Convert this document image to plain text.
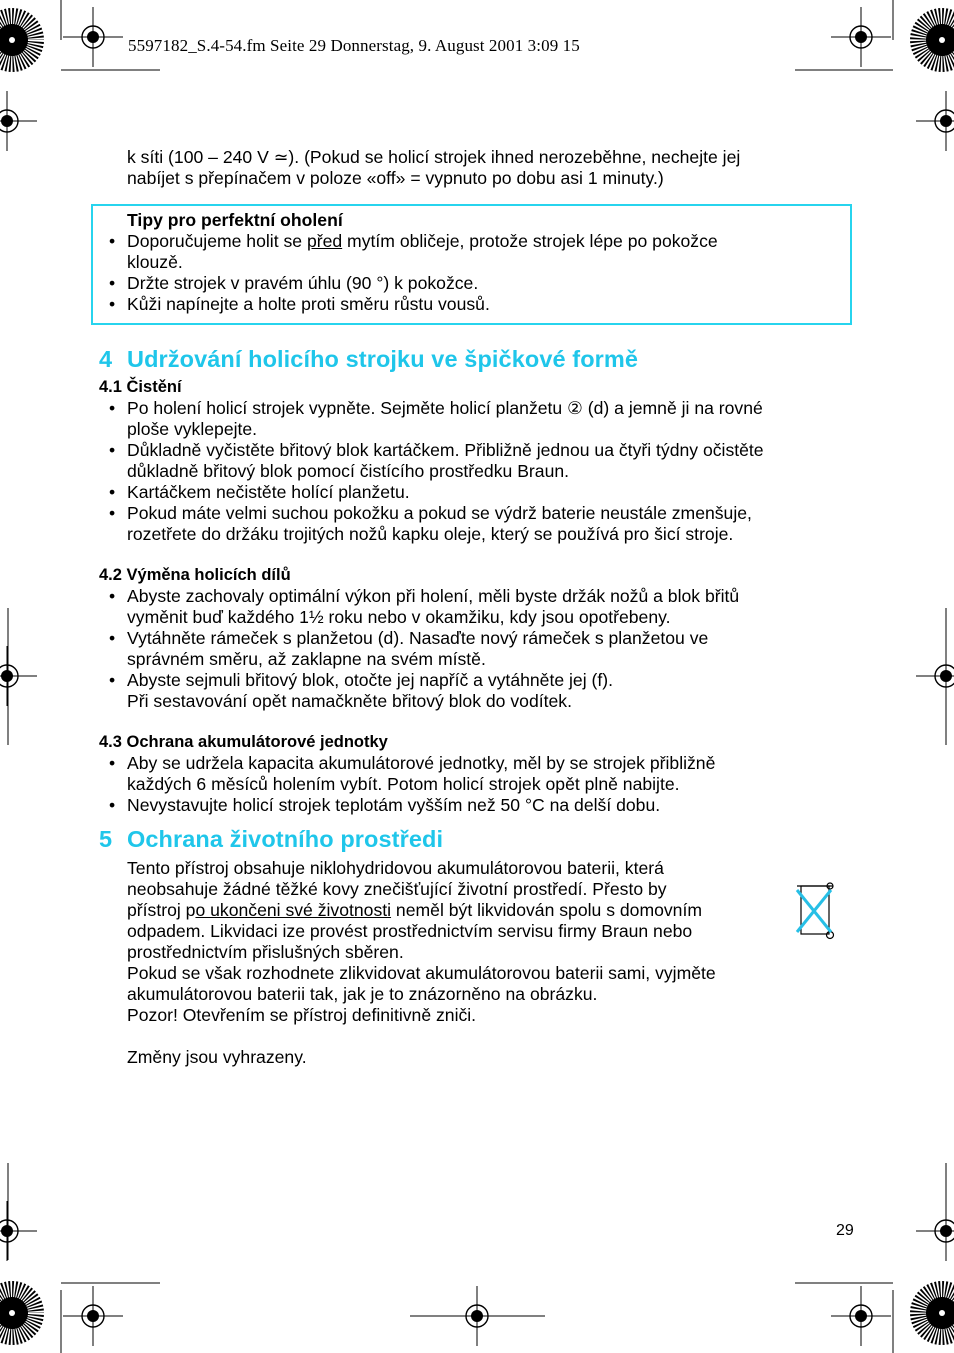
5597182_S.4-54.fm Seite 29 Donnerstag, 9. August 2001 3:09 15
k síti (100 – 240 V ≃). (Pokud se holicí strojek ihned nerozeběhne, nechejte jej
nabíjet s přepínačem v poloze «off» = vypnuto po dobu asi 1 minuty.)
Tipy pro perfektní oholení
• Doporučujeme holit se před mytím obličeje, protože strojek lépe po pokožce
klouzě.
• Držte strojek v pravém úhlu (90 °) k pokožce.
• Kůži napínejte a holte proti směru růstu vousů.
4 Udržování holicího strojku ve špičkové formě
4.1 Čistění
• Po holení holicí strojek vypněte. Sejměte holicí planžetu ② (d) a jemně ji na rovné
ploše vyklepejte.
• Důkladně vyčistěte břitový blok kartáčkem. Přibližně jednou ua čtyři týdny očistěte
důkladně břitový blok pomocí čistícího prostředku Braun.
• Kartáčkem nečistěte holící planžetu.
• Pokud máte velmi suchou pokožku a pokud se výdrž baterie neustále zmenšuje,
rozetřete do držáku trojitých nožů kapku oleje, který se používá pro šicí stroje.
4.2 Výměna holicích dílů
• Abyste zachovaly optimální výkon při holení, měli byste držák nožů a blok břitů
vyměnit buď každého 1½ roku nebo v okamžiku, kdy jsou opotřebeny.
• Vytáhněte rámeček s planžetou (d). Nasaďte nový rámeček s planžetou ve
správném směru, až zaklapne na svém místě.
• Abyste sejmuli břitový blok, otočte jej napříč a vytáhněte jej (f).
Při sestavování opět namačkněte břitový blok do vodítek.
4.3 Ochrana akumulátorové jednotky
• Aby se udržela kapacita akumulátorové jednotky, měl by se strojek přibližně
každých 6 měsíců holením vybít. Potom holicí strojek opět plně nabijte.
• Nevystavujte holicí strojek teplotám vyšším než 50 °C na delší dobu.
5 Ochrana životního prostředi
Tento přístroj obsahuje niklohydridovou akumulátorovou baterii, která
neobsahuje žádné těžké kovy znečišťující životní prostředí. Přesto by
přístroj po ukončeni své životnosti neměl být likvidován spolu s domovním
odpadem. Likvidaci ize provést prostřednictvím servisu firmy Braun nebo
prostřednictvím přislušných sběren.
Pokud se však rozhodnete zlikvidovat akumulátorovou baterii sami, vyjměte
akumulátorovou baterii tak, jak je to znázorněno na obrázku.
Pozor! Otevřením se přístroj definitivně zniči.
Změny jsou vyhrazeny.
29
